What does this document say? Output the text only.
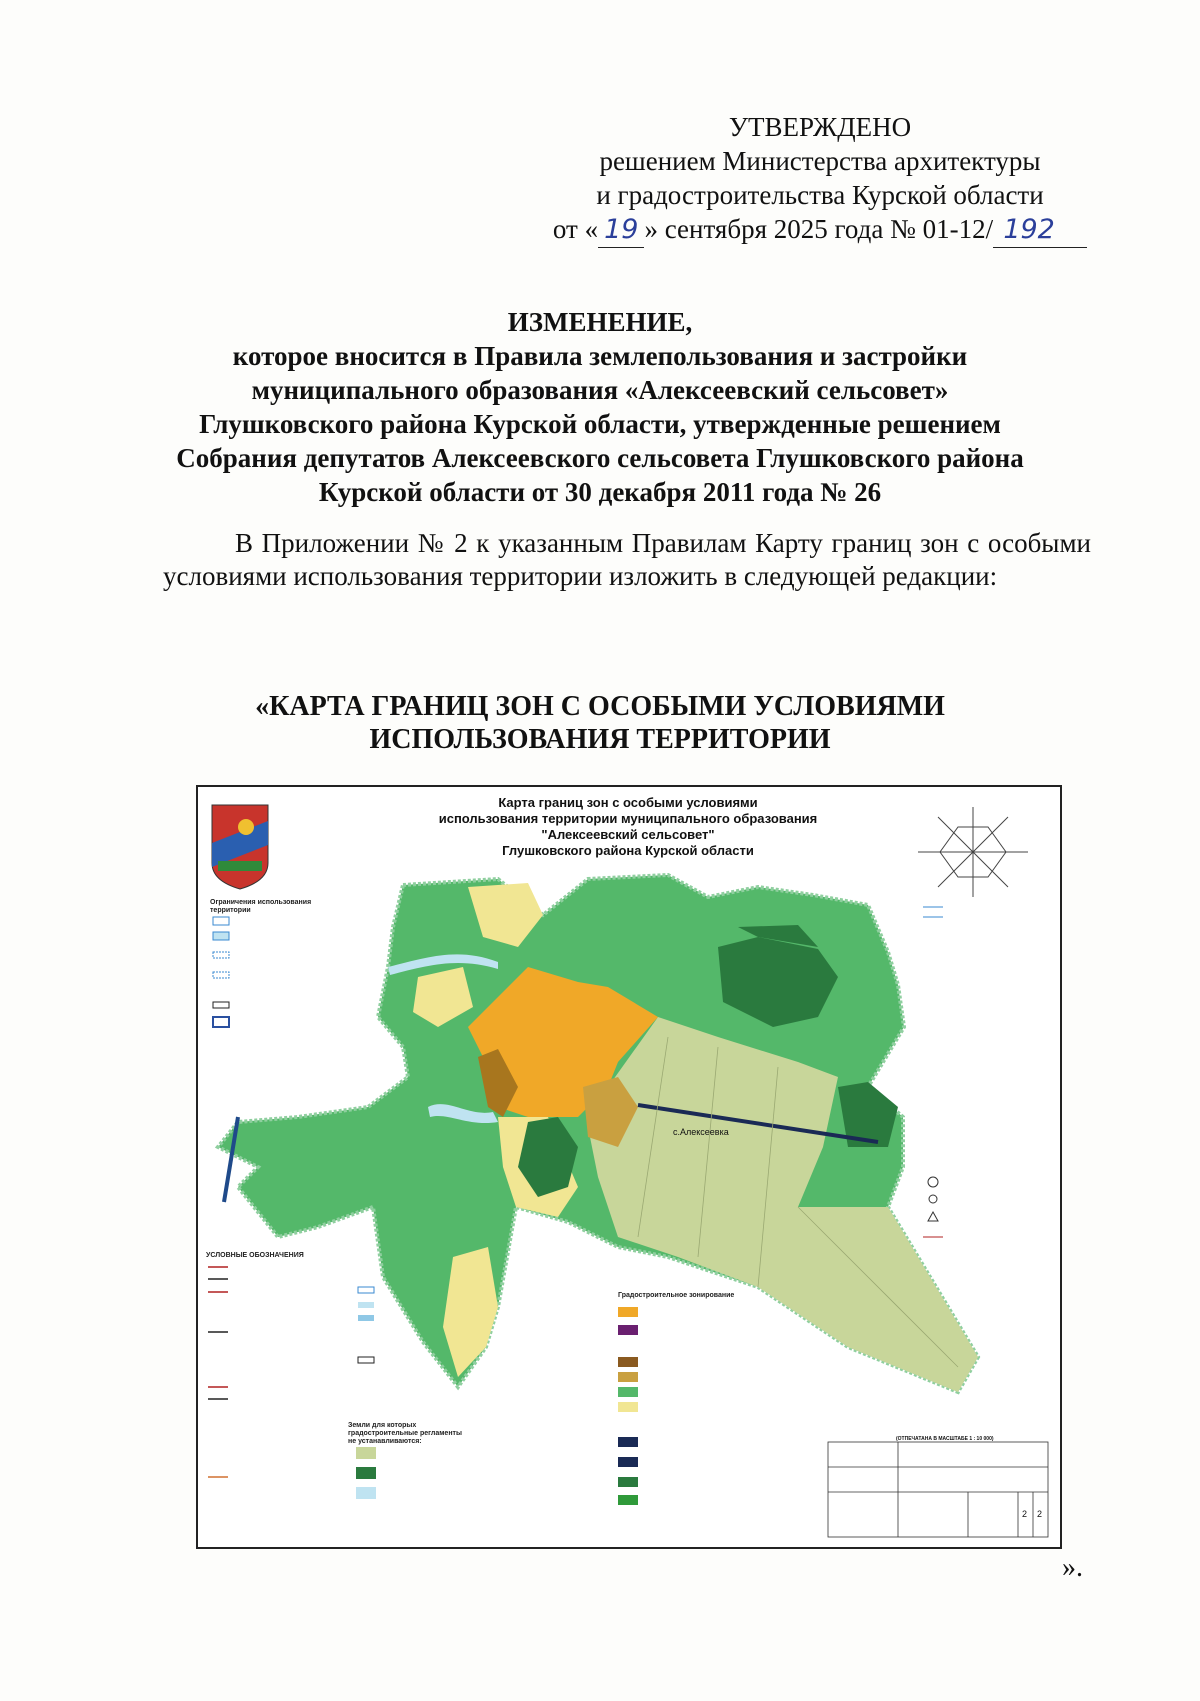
УТВЕРЖДЕНО
решением Министерства архитектуры
и градостроительства Курской области
от « 19 » сентября 2025 года № 01-12/ 192
ИЗМЕНЕНИЕ,
которое вносится в Правила землепользования и застройки
муниципального образования «Алексеевский сельсовет»
Глушковского района Курской области, утвержденные решением
Собрания депутатов Алексеевского сельсовета Глушковского района
Курской области от 30 декабря 2011 года № 26
В Приложении № 2 к указанным Правилам Карту границ зон с особыми условиями использования территории изложить в следующей редакции:
«КАРТА ГРАНИЦ ЗОН С ОСОБЫМИ УСЛОВИЯМИ
ИСПОЛЬЗОВАНИЯ ТЕРРИТОРИИ
Карта границ зон с особыми условиями
использования территории муниципального образования
"Алексеевский сельсовет"
Глушковского района Курской области
Ограничения использования территории
УСЛОВНЫЕ ОБОЗНАЧЕНИЯ
Градостроительное зонирование
Земли для которых градостроительные регламенты не устанавливаются:
с.Алексеевка
(ОТПЕЧАТАНА В МАСШТАБЕ 1 : 10 000)
2
2
».
